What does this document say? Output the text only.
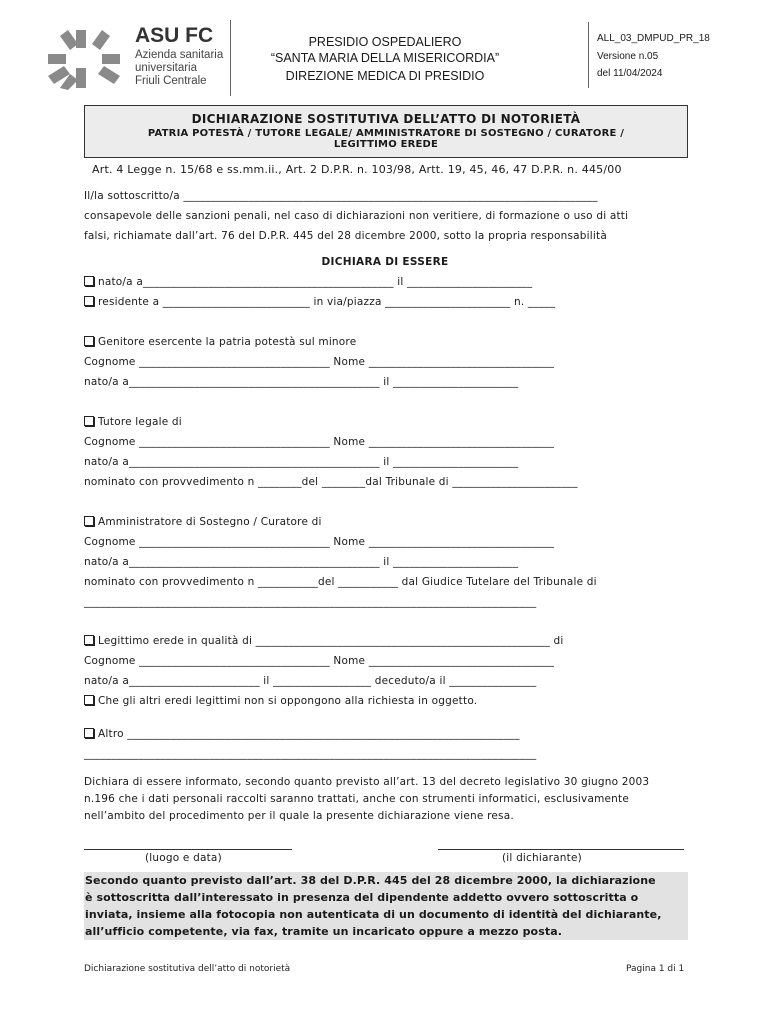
ASU FC
Azienda sanitaria
universitaria
Friuli Centrale
PRESIDIO OSPEDALIERO
“SANTA MARIA DELLA MISERICORDIA”
DIREZIONE MEDICA DI PRESIDIO
ALL_03_DMPUD_PR_18
Versione n.05
del 11/04/2024
DICHIARAZIONE SOSTITUTIVA DELL’ATTO DI NOTORIETÀ
PATRIA POTESTÀ / TUTORE LEGALE/ AMMINISTRATORE DI SOSTEGNO / CURATORE /
LEGITTIMO EREDE
Art. 4 Legge n. 15/68 e ss.mm.ii., Art. 2 D.P.R. n. 103/98, Artt. 19, 45, 46, 47 D.P.R. n. 445/00
Il/la sottoscritto/a ____________________________________________________________________________
consapevole delle sanzioni penali, nel caso di dichiarazioni non veritiere, di formazione o uso di atti
falsi, richiamate dall’art. 76 del D.P.R. 445 del 28 dicembre 2000, sotto la propria responsabilità
DICHIARA DI ESSERE
nato/a a______________________________________________ il _______________________
residente a ___________________________ in via/piazza _______________________ n. _____
Genitore esercente la patria potestà sul minore
Cognome ___________________________________ Nome __________________________________
nato/a a______________________________________________ il _______________________
Tutore legale di
Cognome ___________________________________ Nome __________________________________
nato/a a______________________________________________ il _______________________
nominato con provvedimento n ________del ________dal Tribunale di _______________________
Amministratore di Sostegno / Curatore di
Cognome ___________________________________ Nome __________________________________
nato/a a______________________________________________ il _______________________
nominato con provvedimento n ___________del ___________ dal Giudice Tutelare del Tribunale di
___________________________________________________________________________________
Legittimo erede in qualità di ______________________________________________________ di
Cognome ___________________________________ Nome __________________________________
nato/a a________________________ il __________________ deceduto/a il ________________
Che gli altri eredi legittimi non si oppongono alla richiesta in oggetto.
Altro ________________________________________________________________________
___________________________________________________________________________________
Dichiara di essere informato, secondo quanto previsto all’art. 13 del decreto legislativo 30 giugno 2003
n.196 che i dati personali raccolti saranno trattati, anche con strumenti informatici, esclusivamente
nell’ambito del procedimento per il quale la presente dichiarazione viene resa.
(luogo e data)	(il dichiarante)
Secondo quanto previsto dall’art. 38 del D.P.R. 445 del 28 dicembre 2000, la dichiarazione
è sottoscritta dall’interessato in presenza del dipendente addetto ovvero sottoscritta o
inviata, insieme alla fotocopia non autenticata di un documento di identità del dichiarante,
all’ufficio competente, via fax, tramite un incaricato oppure a mezzo posta.
Dichiarazione sostitutiva dell’atto di notorietà	Pagina 1 di 1
